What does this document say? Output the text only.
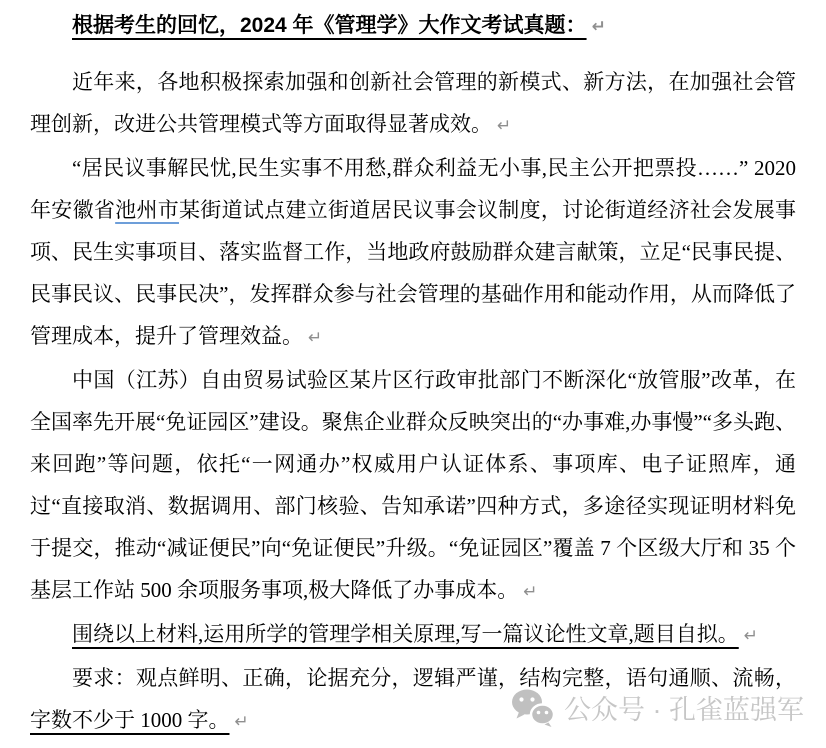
根据考生的回忆，2024 年《管理学》大作文考试真题： ↵

近年来，各地积极探索加强和创新社会管理的新模式、新方法，在加强社会管理创新，改进公共管理模式等方面取得显著成效。 ↵

“居民议事解民忧,民生实事不用愁,群众利益无小事,民主公开把票投……” 2020 年安徽省池州市某街道试点建立街道居民议事会议制度，讨论街道经济社会发展事项、民生实事项目、落实监督工作，当地政府鼓励群众建言献策，立足“民事民提、民事民议、民事民决”，发挥群众参与社会管理的基础作用和能动作用，从而降低了管理成本，提升了管理效益。 ↵

中国（江苏）自由贸易试验区某片区行政审批部门不断深化“放管服”改革，在全国率先开展“免证园区”建设。聚焦企业群众反映突出的“办事难,办事慢”“多头跑、来回跑”等问题，依托“一网通办”权威用户认证体系、事项库、电子证照库，通过“直接取消、数据调用、部门核验、告知承诺”四种方式，多途径实现证明材料免于提交，推动“减证便民”向“免证便民”升级。“免证园区”覆盖 7 个区级大厅和 35 个基层工作站 500 余项服务事项,极大降低了办事成本。 ↵

围绕以上材料,运用所学的管理学相关原理,写一篇议论性文章,题目自拟。 ↵

要求：观点鲜明、正确，论据充分，逻辑严谨，结构完整，语句通顺、流畅，字数不少于 1000 字。 ↵	公众号 · 孔雀蓝强军
